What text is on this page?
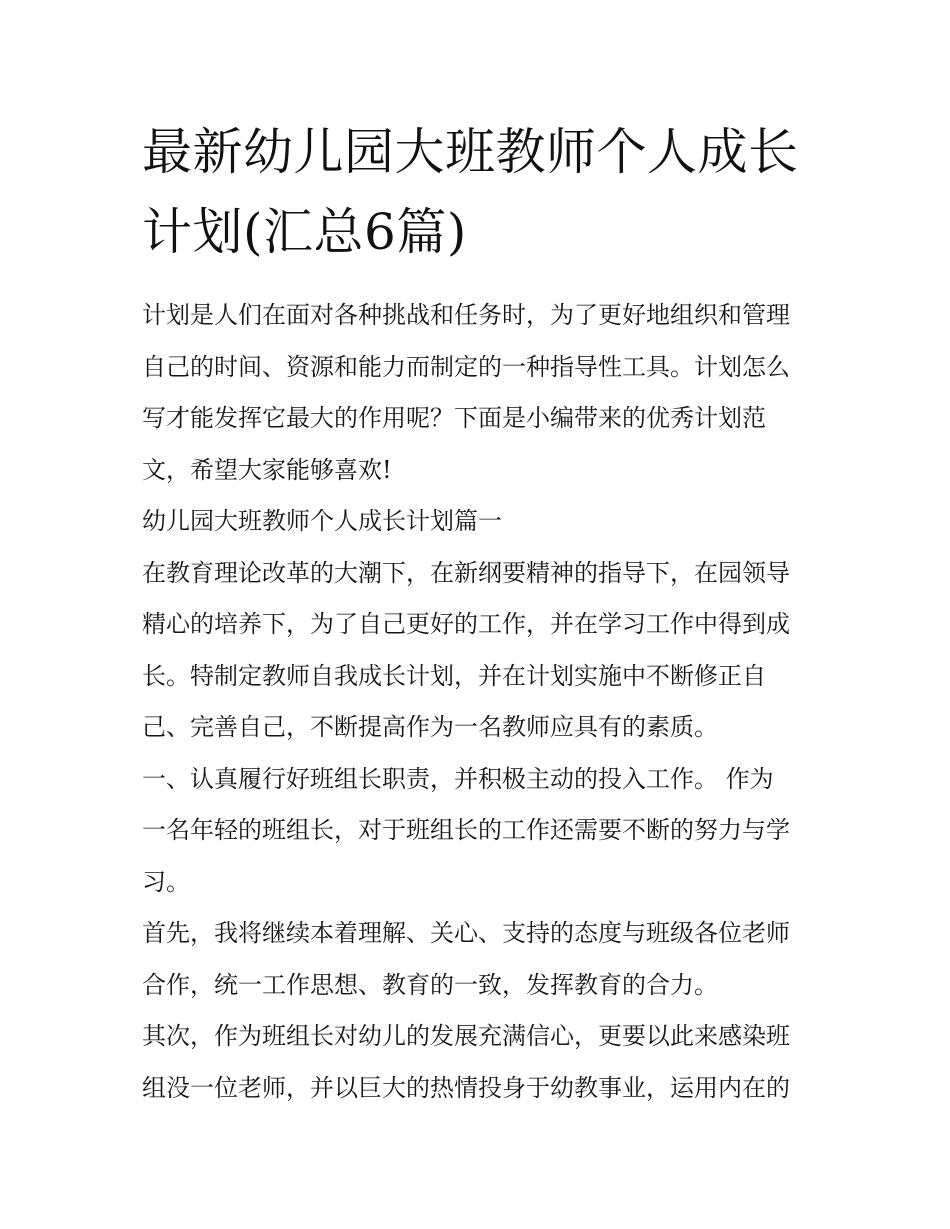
最新幼儿园大班教师个人成长
计划(汇总6篇)
计划是人们在面对各种挑战和任务时，为了更好地组织和管理
自己的时间、资源和能力而制定的一种指导性工具。计划怎么
写才能发挥它最大的作用呢？下面是小编带来的优秀计划范
文，希望大家能够喜欢!
幼儿园大班教师个人成长计划篇一
在教育理论改革的大潮下，在新纲要精神的指导下，在园领导
精心的培养下，为了自己更好的工作，并在学习工作中得到成
长。特制定教师自我成长计划，并在计划实施中不断修正自
己、完善自己，不断提高作为一名教师应具有的素质。
一、认真履行好班组长职责，并积极主动的投入工作。 作为
一名年轻的班组长，对于班组长的工作还需要不断的努力与学
习。
首先，我将继续本着理解、关心、支持的态度与班级各位老师
合作，统一工作思想、教育的一致，发挥教育的合力。
其次，作为班组长对幼儿的发展充满信心，更要以此来感染班
组没一位老师，并以巨大的热情投身于幼教事业，运用内在的
